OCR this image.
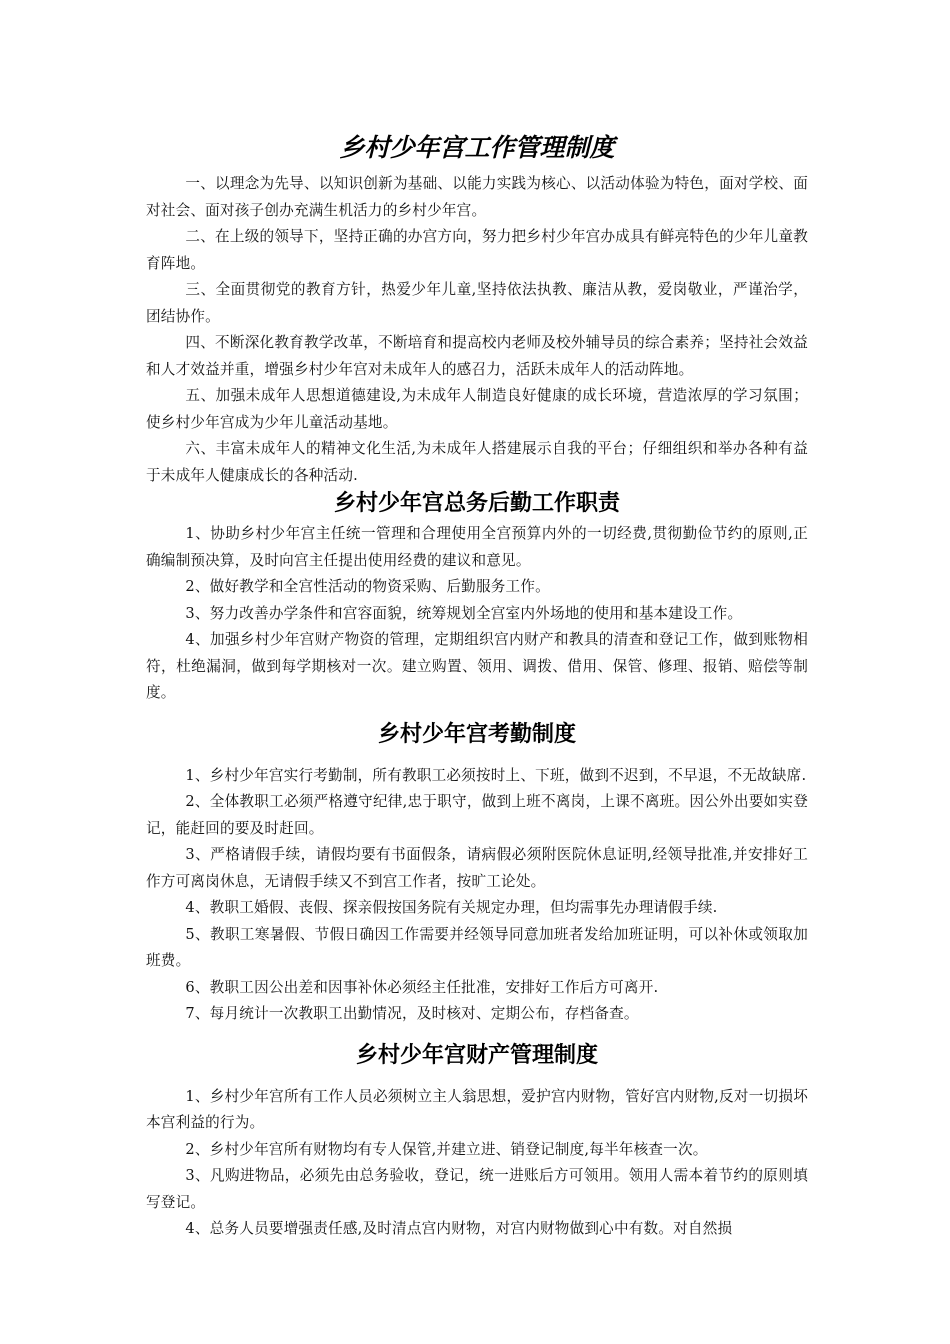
乡村少年宫工作管理制度

一、以理念为先导、以知识创新为基础、以能力实践为核心、以活动体验为特色，面对学校、面对社会、面对孩子创办充满生机活力的乡村少年宫。

二、在上级的领导下，坚持正确的办宫方向，努力把乡村少年宫办成具有鲜亮特色的少年儿童教育阵地。

三、全面贯彻党的教育方针，热爱少年儿童,坚持依法执教、廉洁从教，爱岗敬业，严谨治学，团结协作。

四、不断深化教育教学改革，不断培育和提高校内老师及校外辅导员的综合素养；坚持社会效益和人才效益并重，增强乡村少年宫对未成年人的感召力，活跃未成年人的活动阵地。

五、加强未成年人思想道德建设,为未成年人制造良好健康的成长环境，营造浓厚的学习氛围；使乡村少年宫成为少年儿童活动基地。

六、丰富未成年人的精神文化生活,为未成年人搭建展示自我的平台；仔细组织和举办各种有益于未成年人健康成长的各种活动.

乡村少年宫总务后勤工作职责

1、协助乡村少年宫主任统一管理和合理使用全宫预算内外的一切经费,贯彻勤俭节约的原则,正确编制预决算，及时向宫主任提出使用经费的建议和意见。

2、做好教学和全宫性活动的物资采购、后勤服务工作。

3、努力改善办学条件和宫容面貌，统筹规划全宫室内外场地的使用和基本建设工作。

4、加强乡村少年宫财产物资的管理，定期组织宫内财产和教具的清查和登记工作，做到账物相符，杜绝漏洞，做到每学期核对一次。建立购置、领用、调拨、借用、保管、修理、报销、赔偿等制度。

乡村少年宫考勤制度

1、乡村少年宫实行考勤制，所有教职工必须按时上、下班，做到不迟到，不早退，不无故缺席.

2、全体教职工必须严格遵守纪律,忠于职守，做到上班不离岗，上课不离班。因公外出要如实登记，能赶回的要及时赶回。

3、严格请假手续，请假均要有书面假条，请病假必须附医院休息证明,经领导批准,并安排好工作方可离岗休息，无请假手续又不到宫工作者，按旷工论处。

4、教职工婚假、丧假、探亲假按国务院有关规定办理，但均需事先办理请假手续.

5、教职工寒暑假、节假日确因工作需要并经领导同意加班者发给加班证明，可以补休或领取加班费。

6、教职工因公出差和因事补休必须经主任批准，安排好工作后方可离开.

7、每月统计一次教职工出勤情况，及时核对、定期公布，存档备查。

乡村少年宫财产管理制度

1、乡村少年宫所有工作人员必须树立主人翁思想，爱护宫内财物，管好宫内财物,反对一切损坏本宫利益的行为。

2、乡村少年宫所有财物均有专人保管,并建立进、销登记制度,每半年核查一次。

3、凡购进物品，必须先由总务验收，登记，统一进账后方可领用。领用人需本着节约的原则填写登记。

4、总务人员要增强责任感,及时清点宫内财物，对宫内财物做到心中有数。对自然损
